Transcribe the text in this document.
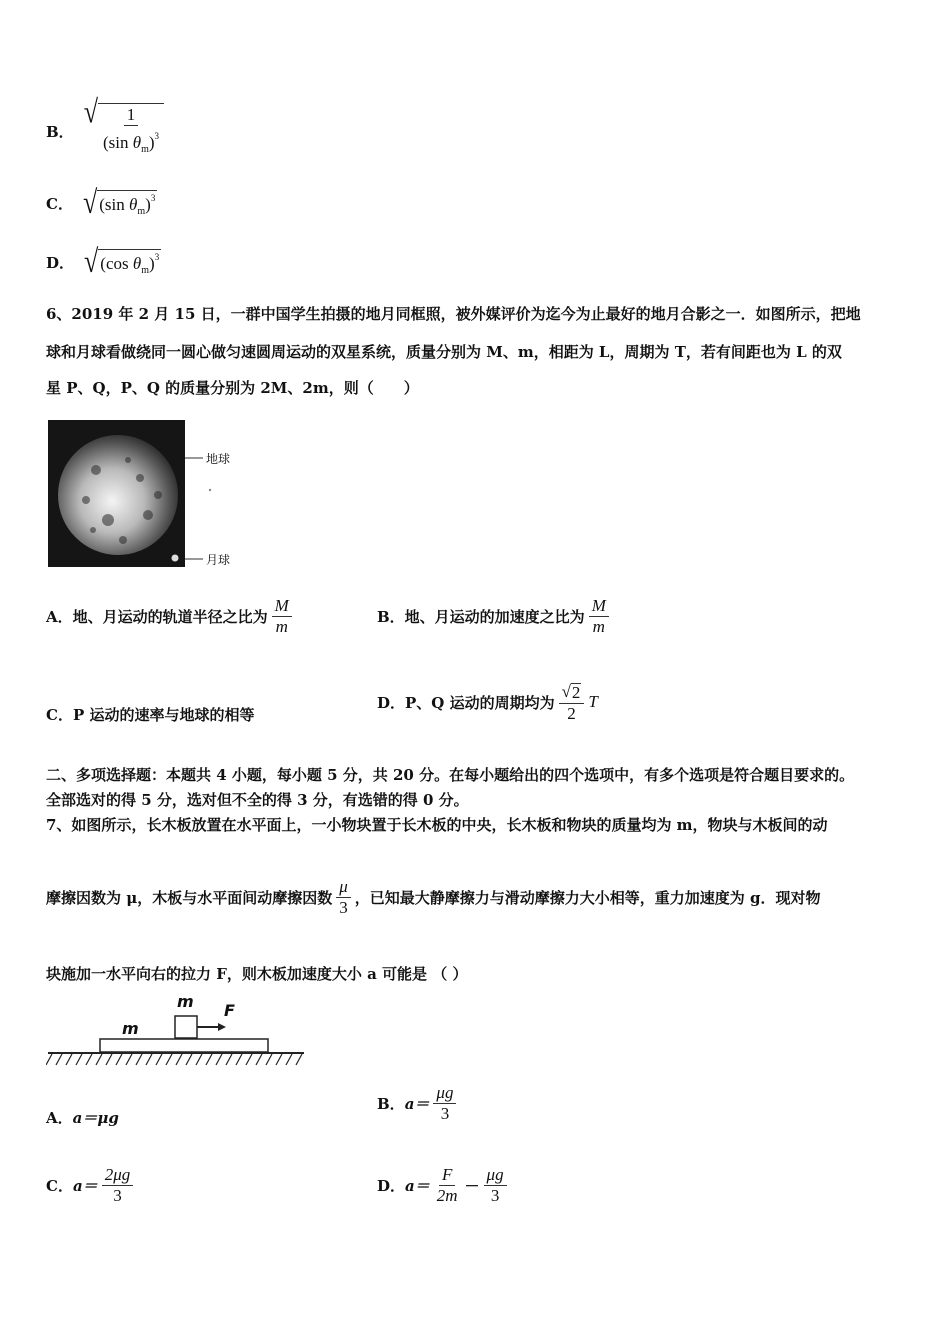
B．
√ $\frac{1}{(\sin \theta_m)^3}$
C． √ (sin $\theta_m)^3$
D． √ (cos $\theta_m)^3$
6、2019 年 2 月 15 日，一群中国学生拍摄的地月同框照，被外媒评价为迄今为止最好的地月合影之一．如图所示，把地
球和月球看做绕同一圆心做匀速圆周运动的双星系统，质量分别为 M、m，相距为 L，周期为 T，若有间距也为 L 的双
星 P、Q，P、Q 的质量分别为 2M、2m，则（　　）
地球
月球
A．地、月运动的轨道半径之比为 $\frac{M}{m}$	B．地、月运动的加速度之比为 $\frac{M}{m}$
C．P 运动的速率与地球的相等
D．P、Q 运动的周期均为 $\frac{√ 2}{2}$ T
二、多项选择题：本题共 4 小题，每小题 5 分，共 20 分。在每小题给出的四个选项中，有多个选项是符合题目要求的。
全部选对的得 5 分，选对但不全的得 3 分，有选错的得 0 分。
7、如图所示，长木板放置在水平面上，一小物块置于长木板的中央，长木板和物块的质量均为 m，物块与木板间的动
摩擦因数为 μ，木板与水平面间动摩擦因数 $\frac{\mu}{3}$ ，已知最大静摩擦力与滑动摩擦力大小相等，重力加速度为 g．现对物
块施加一水平向右的拉力 F，则木板加速度大小 a 可能是 （ ）
m
m
F
A．a＝μg
B． $a= \frac{\mu g}{3}$
C． $a= \frac{2\mu g}{3}$	D． $a= \frac{F}{2m} - \frac{\mu g}{3}$
